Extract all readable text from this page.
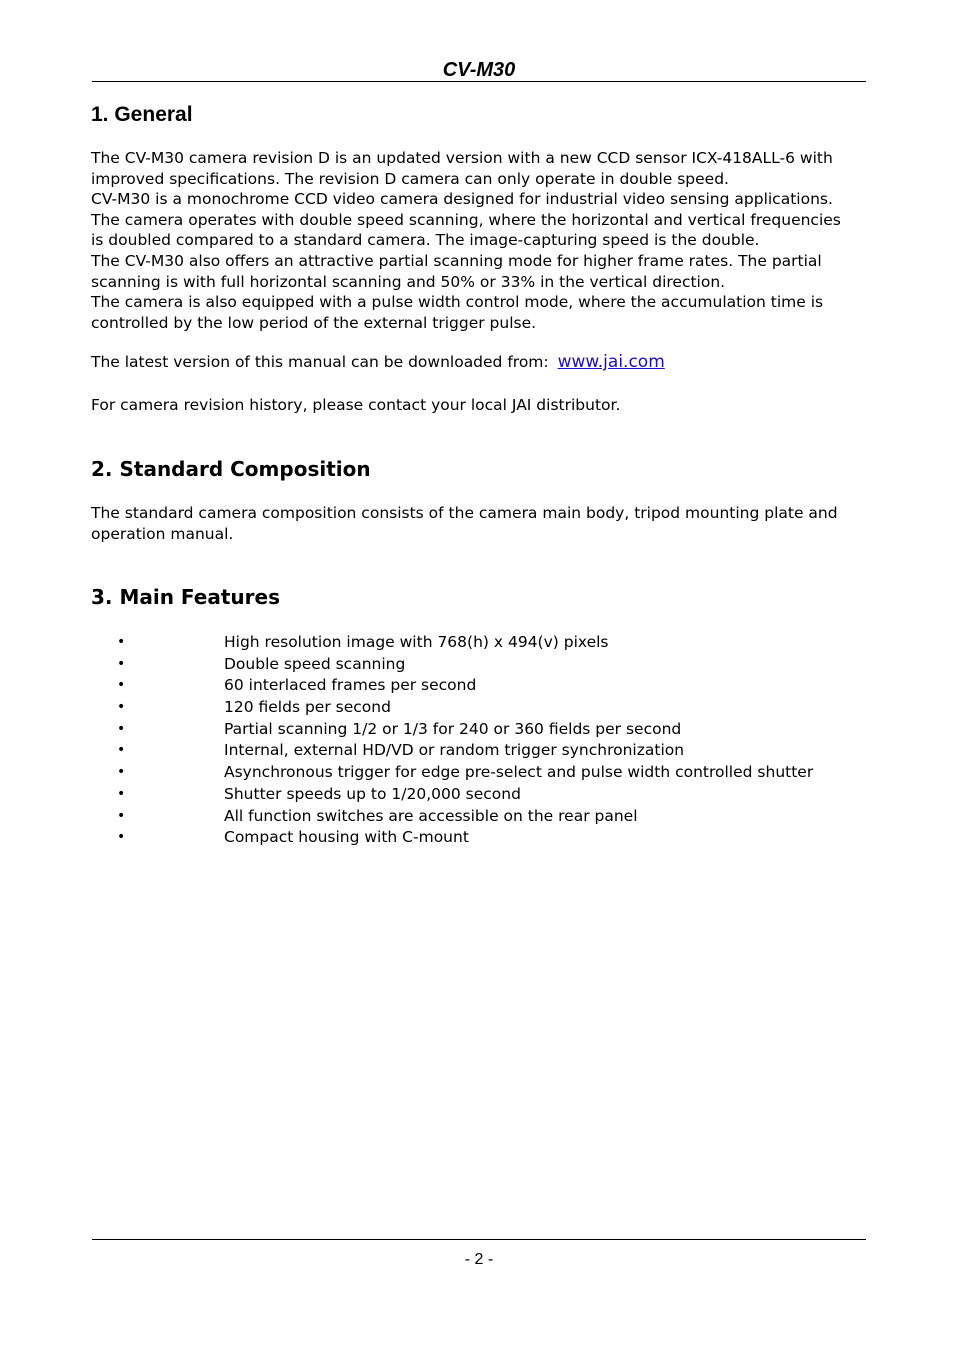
CV-M30
1. General
The CV-M30 camera revision D is an updated version with a new CCD sensor ICX-418ALL-6 with
improved specifications. The revision D camera can only operate in double speed.
CV-M30 is a monochrome CCD video camera designed for industrial video sensing applications.
The camera operates with double speed scanning, where the horizontal and vertical frequencies
is doubled compared to a standard camera. The image-capturing speed is the double.
The CV-M30 also offers an attractive partial scanning mode for higher frame rates. The partial
scanning is with full horizontal scanning and 50% or 33% in the vertical direction.
The camera is also equipped with a pulse width control mode, where the accumulation time is
controlled by the low period of the external trigger pulse.

The latest version of this manual can be downloaded from: www.jai.com

For camera revision history, please contact your local JAI distributor.

2. Standard Composition
The standard camera composition consists of the camera main body, tripod mounting plate and
operation manual.
3. Main Features
•	High resolution image with 768(h) x 494(v) pixels
•	Double speed scanning
•	60 interlaced frames per second
•	120 fields per second
•	Partial scanning 1/2 or 1/3 for 240 or 360 fields per second
•	Internal, external HD/VD or random trigger synchronization
•	Asynchronous trigger for edge pre-select and pulse width controlled shutter
•	Shutter speeds up to 1/20,000 second
•	All function switches are accessible on the rear panel
•	Compact housing with C-mount
- 2 -
